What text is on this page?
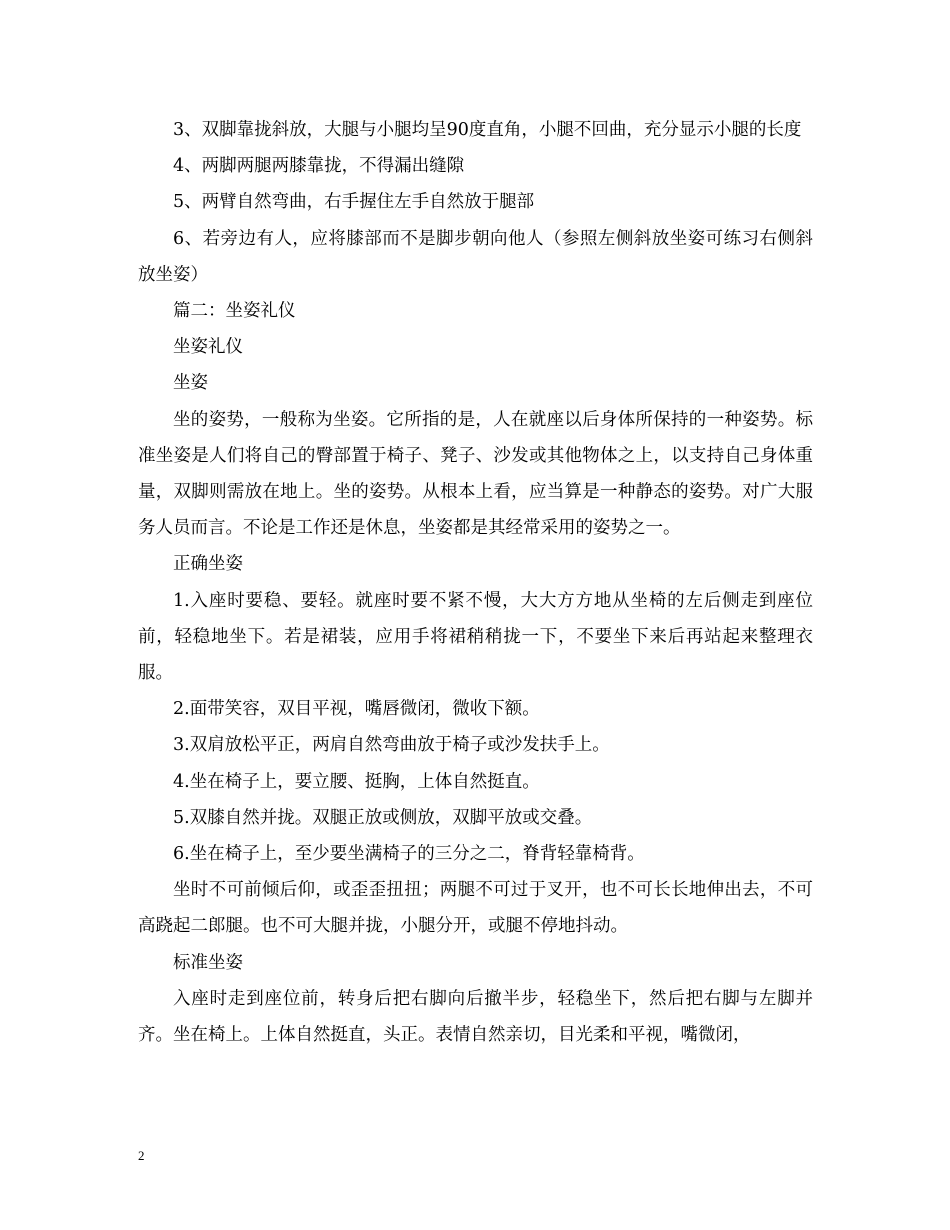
3、双脚靠拢斜放，大腿与小腿均呈90度直角，小腿不回曲，充分显示小腿的长度

4、两脚两腿两膝靠拢，不得漏出缝隙

5、两臂自然弯曲，右手握住左手自然放于腿部

6、若旁边有人，应将膝部而不是脚步朝向他人（参照左侧斜放坐姿可练习右侧斜放坐姿）

篇二：坐姿礼仪

坐姿礼仪

坐姿

坐的姿势，一般称为坐姿。它所指的是，人在就座以后身体所保持的一种姿势。标准坐姿是人们将自己的臀部置于椅子、凳子、沙发或其他物体之上，以支持自己身体重量，双脚则需放在地上。坐的姿势。从根本上看，应当算是一种静态的姿势。对广大服务人员而言。不论是工作还是休息，坐姿都是其经常采用的姿势之一。

正确坐姿

1.入座时要稳、要轻。就座时要不紧不慢，大大方方地从坐椅的左后侧走到座位前，轻稳地坐下。若是裙装，应用手将裙稍稍拢一下，不要坐下来后再站起来整理衣服。

2.面带笑容，双目平视，嘴唇微闭，微收下额。

3.双肩放松平正，两肩自然弯曲放于椅子或沙发扶手上。

4.坐在椅子上，要立腰、挺胸，上体自然挺直。

5.双膝自然并拢。双腿正放或侧放，双脚平放或交叠。

6.坐在椅子上，至少要坐满椅子的三分之二，脊背轻靠椅背。

坐时不可前倾后仰，或歪歪扭扭；两腿不可过于叉开，也不可长长地伸出去，不可高跷起二郎腿。也不可大腿并拢，小腿分开，或腿不停地抖动。

标准坐姿

入座时走到座位前，转身后把右脚向后撤半步，轻稳坐下，然后把右脚与左脚并齐。坐在椅上。上体自然挺直，头正。表情自然亲切，目光柔和平视，嘴微闭，

2
